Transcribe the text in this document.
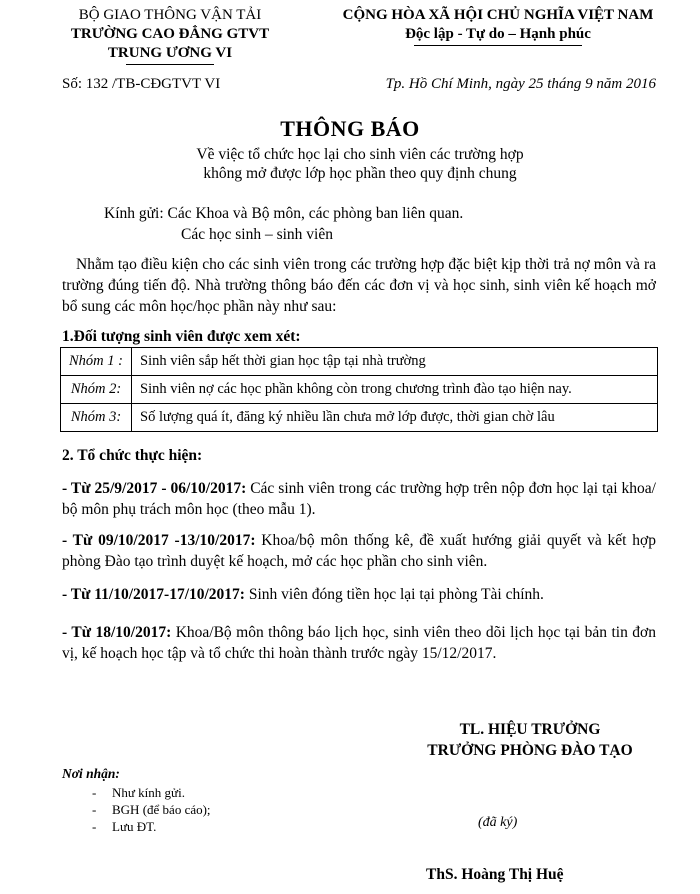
BỘ GIAO THÔNG VẬN TẢI
TRƯỜNG CAO ĐẲNG GTVT
TRUNG ƯƠNG VI
CỘNG HÒA XÃ HỘI CHỦ NGHĨA VIỆT NAM
Độc lập - Tự do – Hạnh phúc
Số: 132 /TB-CĐGTVT VI	Tp. Hồ Chí Minh, ngày 25 tháng 9 năm 2016
THÔNG BÁO
Về việc tổ chức học lại cho sinh viên các trường hợp
không mở được lớp học phần theo quy định chung
Kính gửi: Các Khoa và Bộ môn, các phòng ban liên quan.
Các học sinh – sinh viên
Nhằm tạo điều kiện cho các sinh viên trong các trường hợp đặc biệt kịp thời trả nợ môn và ra trường đúng tiến độ. Nhà trường thông báo đến các đơn vị và học sinh, sinh viên kế hoạch mở bổ sung các môn học/học phần này như sau:
1.Đối tượng sinh viên được xem xét:
Nhóm 1 :	Sinh viên sắp hết thời gian học tập tại nhà trường
Nhóm 2:	Sinh viên nợ các học phần không còn trong chương trình đào tạo hiện nay.
Nhóm 3:	Số lượng quá ít, đăng ký nhiều lần chưa mở lớp được, thời gian chờ lâu
2. Tổ chức thực hiện:
- Từ 25/9/2017 - 06/10/2017: Các sinh viên trong các trường hợp trên nộp đơn học lại tại khoa/ bộ môn phụ trách môn học (theo mẫu 1).
- Từ 09/10/2017 -13/10/2017: Khoa/bộ môn thống kê, đề xuất hướng giải quyết và kết hợp phòng Đào tạo trình duyệt kế hoạch, mở các học phần cho sinh viên.
- Từ 11/10/2017-17/10/2017: Sinh viên đóng tiền học lại tại phòng Tài chính.
- Từ 18/10/2017: Khoa/Bộ môn thông báo lịch học, sinh viên theo dõi lịch học tại bản tin đơn vị, kế hoạch học tập và tổ chức thi hoàn thành trước ngày 15/12/2017.
TL. HIỆU TRƯỞNG
TRƯỞNG PHÒNG ĐÀO TẠO
Nơi nhận:
-	Như kính gửi.
-	BGH (để báo cáo);
-	Lưu ĐT.	(đã ký)
ThS. Hoàng Thị Huệ
